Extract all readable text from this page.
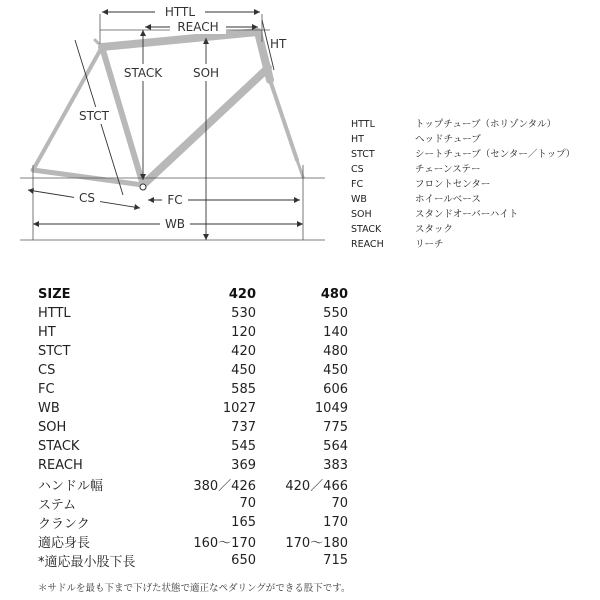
HTTL
REACH
HT
STACK	SOH
STCT
CS	FC
WB
HTTL	トップチューブ（ホリゾンタル）
HT	ヘッドチューブ
STCT	シートチューブ（センター／トップ）
CS	チェーンステー
FC	フロントセンター
WB	ホイールベース
SOH	スタンドオーバーハイト
STACK	スタック
REACH	リーチ
SIZE	420	480
HTTL	530	550
HT	120	140
STCT	420	480
CS	450	450
FC	585	606
WB	1027	1049
SOH	737	775
STACK	545	564
REACH	369	383
ハンドル幅	380／426	420／466
ステム	70	70
クランク	165	170
適応身長	160～170	170～180
*適応最小股下長	650	715
＊サドルを最も下まで下げた状態で適正なペダリングができる股下です。
